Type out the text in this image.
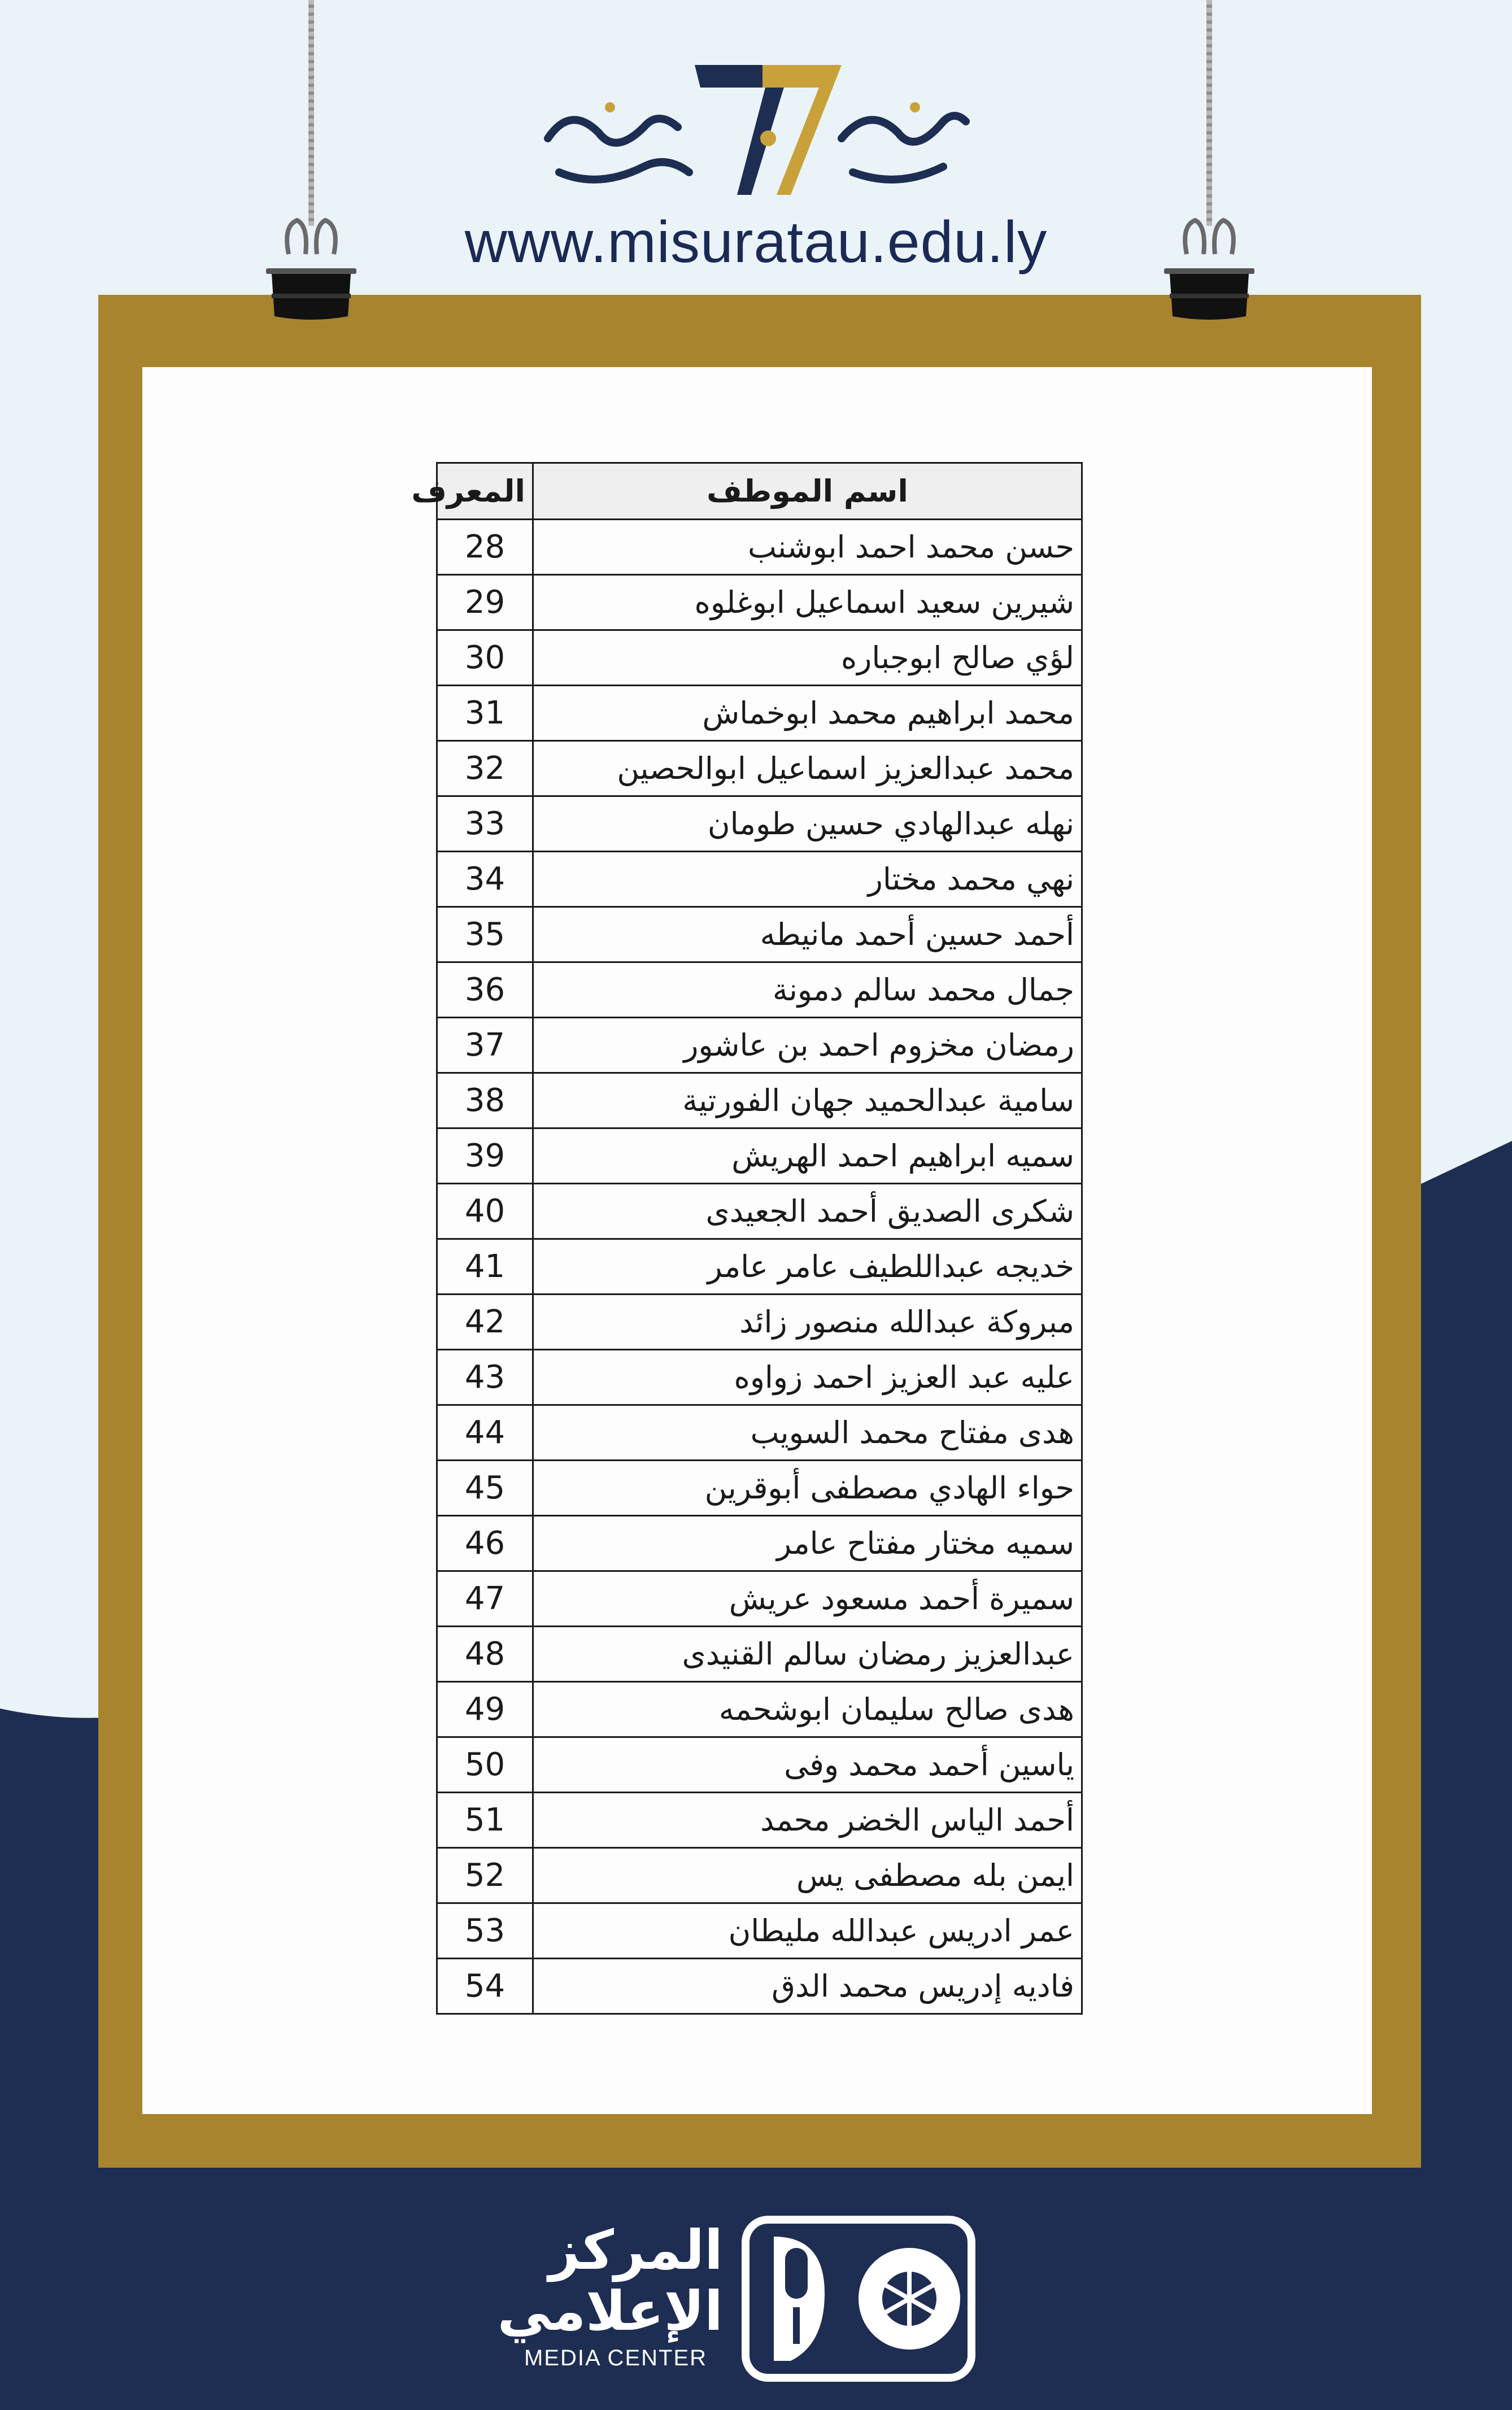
www.misuratau.edu.ly
اسم الموطف	المعرف
حسن محمد احمد ابوشنب	28
شيرين سعيد اسماعيل ابوغلوه	29
لؤي صالح ابوجباره	30
محمد ابراهيم محمد ابوخماش	31
محمد عبدالعزيز اسماعيل ابوالحصين	32
نهله عبدالهادي حسين طومان	33
نهي محمد مختار	34
أحمد حسين أحمد مانيطه	35
جمال محمد سالم دمونة	36
رمضان مخزوم احمد بن عاشور	37
سامية عبدالحميد جهان الفورتية	38
سميه ابراهيم احمد الهريش	39
شكرى الصديق أحمد الجعيدى	40
خديجه عبداللطيف عامر عامر	41
مبروكة عبدالله منصور زائد	42
عليه عبد العزيز احمد زواوه	43
هدى مفتاح محمد السويب	44
حواء الهادي مصطفى أبوقرين	45
سميه مختار مفتاح عامر	46
سميرة أحمد مسعود عريش	47
عبدالعزيز رمضان سالم القنيدى	48
هدى صالح سليمان ابوشحمه	49
ياسين أحمد محمد وفى	50
أحمد الياس الخضر محمد	51
ايمن بله مصطفى يس	52
عمر ادريس عبدالله مليطان	53
فاديه إدريس محمد الدق	54
المركز
الإعلامي
MEDIA CENTER
